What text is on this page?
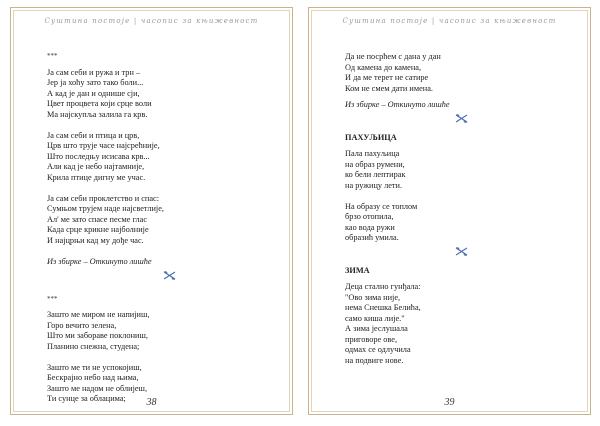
Суштина постоје | часопис за књижевност
***
Ја сам себи и ружа и трн –
Јер ја хоћу зато тако боли...
А кад је дан и однише сји,
Цвет процвета који срце воли
Ма најскупља залила га крв.
Ја сам себи и птица и црв,
Црв што трује часе најсрећније,
Што последњу исисава крв...
Али кад је небо најтамније,
Крила птице дигну ме учас.
Ја сам себи проклетство и спас:
Сумњом трујем наде најсветлије,
Ал' ме зато спасе песме глас
Када срце крикне најболније
И најцрњи кад му дође час.
Из збирке – Откинуто лишће
***
Зашто ме миром не напијиш,
Горо вечито зелена,
Што ми забораве поклониш,
Планино снежна, студена;
Зашто ме ти не успокојиш,
Бескрајно небо над њима,
Зашто ме надом не облијеш,
Ти сунце за облацима;	38
Суштина постоје | часопис за књижевност
Да не посрћем с дана у дан
Од камена до камена,
И да ме терет не сатире
Ком не смем дати имена.
Из збирке – Откинуто лишће
ПАХУЉИЦА
Пала пахуљица
на образ румени,
ко бели лептирак
на ружицу лети.
На образу се топлом
брзо отопила,
као вода ружи
образић умила.
ЗИМА
Деца стално гунђала:
"Ово зима није,
нема Снешка Белића,
само киша лије."
А зима јеслушала
приговоре ове,
одмах се одлучила
на подвиге нове.
39
